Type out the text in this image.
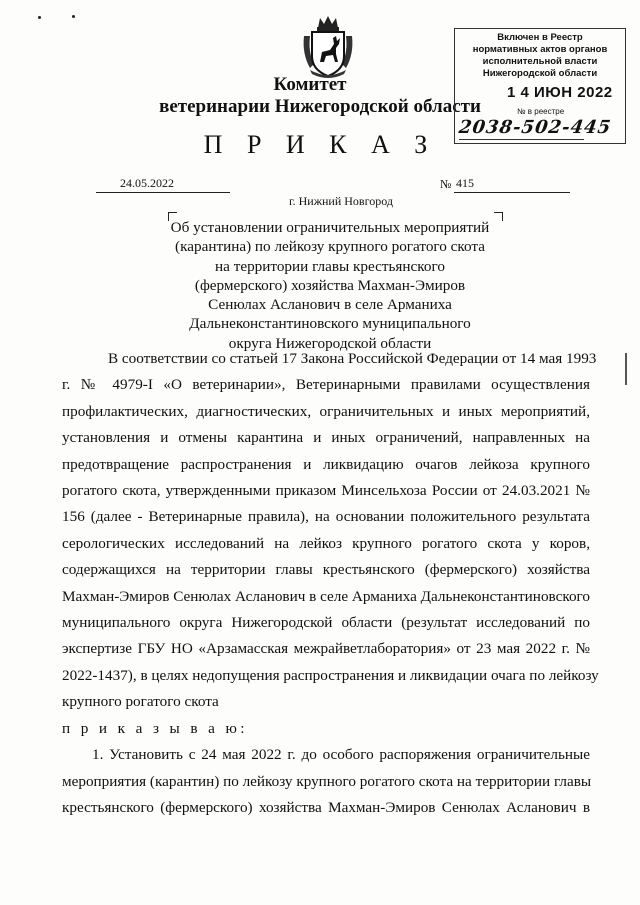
Комитет
ветеринарии Нижегородской области
П Р И К А З
Включен в Реестр
нормативных актов органов
исполнительной власти
Нижегородской области
1 4 ИЮН 2022
№ в реестре
2038-502-445
24.05.2022	№ 415
г. Нижний Новгород
Об установлении ограничительных мероприятий
(карантина) по лейкозу крупного рогатого скота
на территории главы крестьянского
(фермерского) хозяйства Махман-Эмиров
Сенюлах Асланович в селе Арманиха
Дальнеконстантиновского муниципального
округа Нижегородской области
В соответствии со статьей 17 Закона Российской Федерации от 14 мая 1993
г. № 4979-I «О ветеринарии», Ветеринарными правилами осуществления
профилактических, диагностических, ограничительных и иных мероприятий,
установления и отмены карантина и иных ограничений, направленных на
предотвращение распространения и ликвидацию очагов лейкоза крупного
рогатого скота, утвержденными приказом Минсельхоза России от 24.03.2021 №
156 (далее - Ветеринарные правила), на основании положительного результата
серологических исследований на лейкоз крупного рогатого скота у коров,
содержащихся на территории главы крестьянского (фермерского) хозяйства
Махман-Эмиров Сенюлах Асланович в селе Арманиха Дальнеконстантиновского
муниципального округа Нижегородской области (результат исследований по
экспертизе ГБУ НО «Арзамасская межрайветлаборатория» от 23 мая 2022 г. №
2022-1437), в целях недопущения распространения и ликвидации очага по лейкозу
крупного рогатого скота
п р и к а з ы в а ю:
1. Установить с 24 мая 2022 г. до особого распоряжения ограничительные
мероприятия (карантин) по лейкозу крупного рогатого скота на территории главы
крестьянского (фермерского) хозяйства Махман-Эмиров Сенюлах Асланович в
